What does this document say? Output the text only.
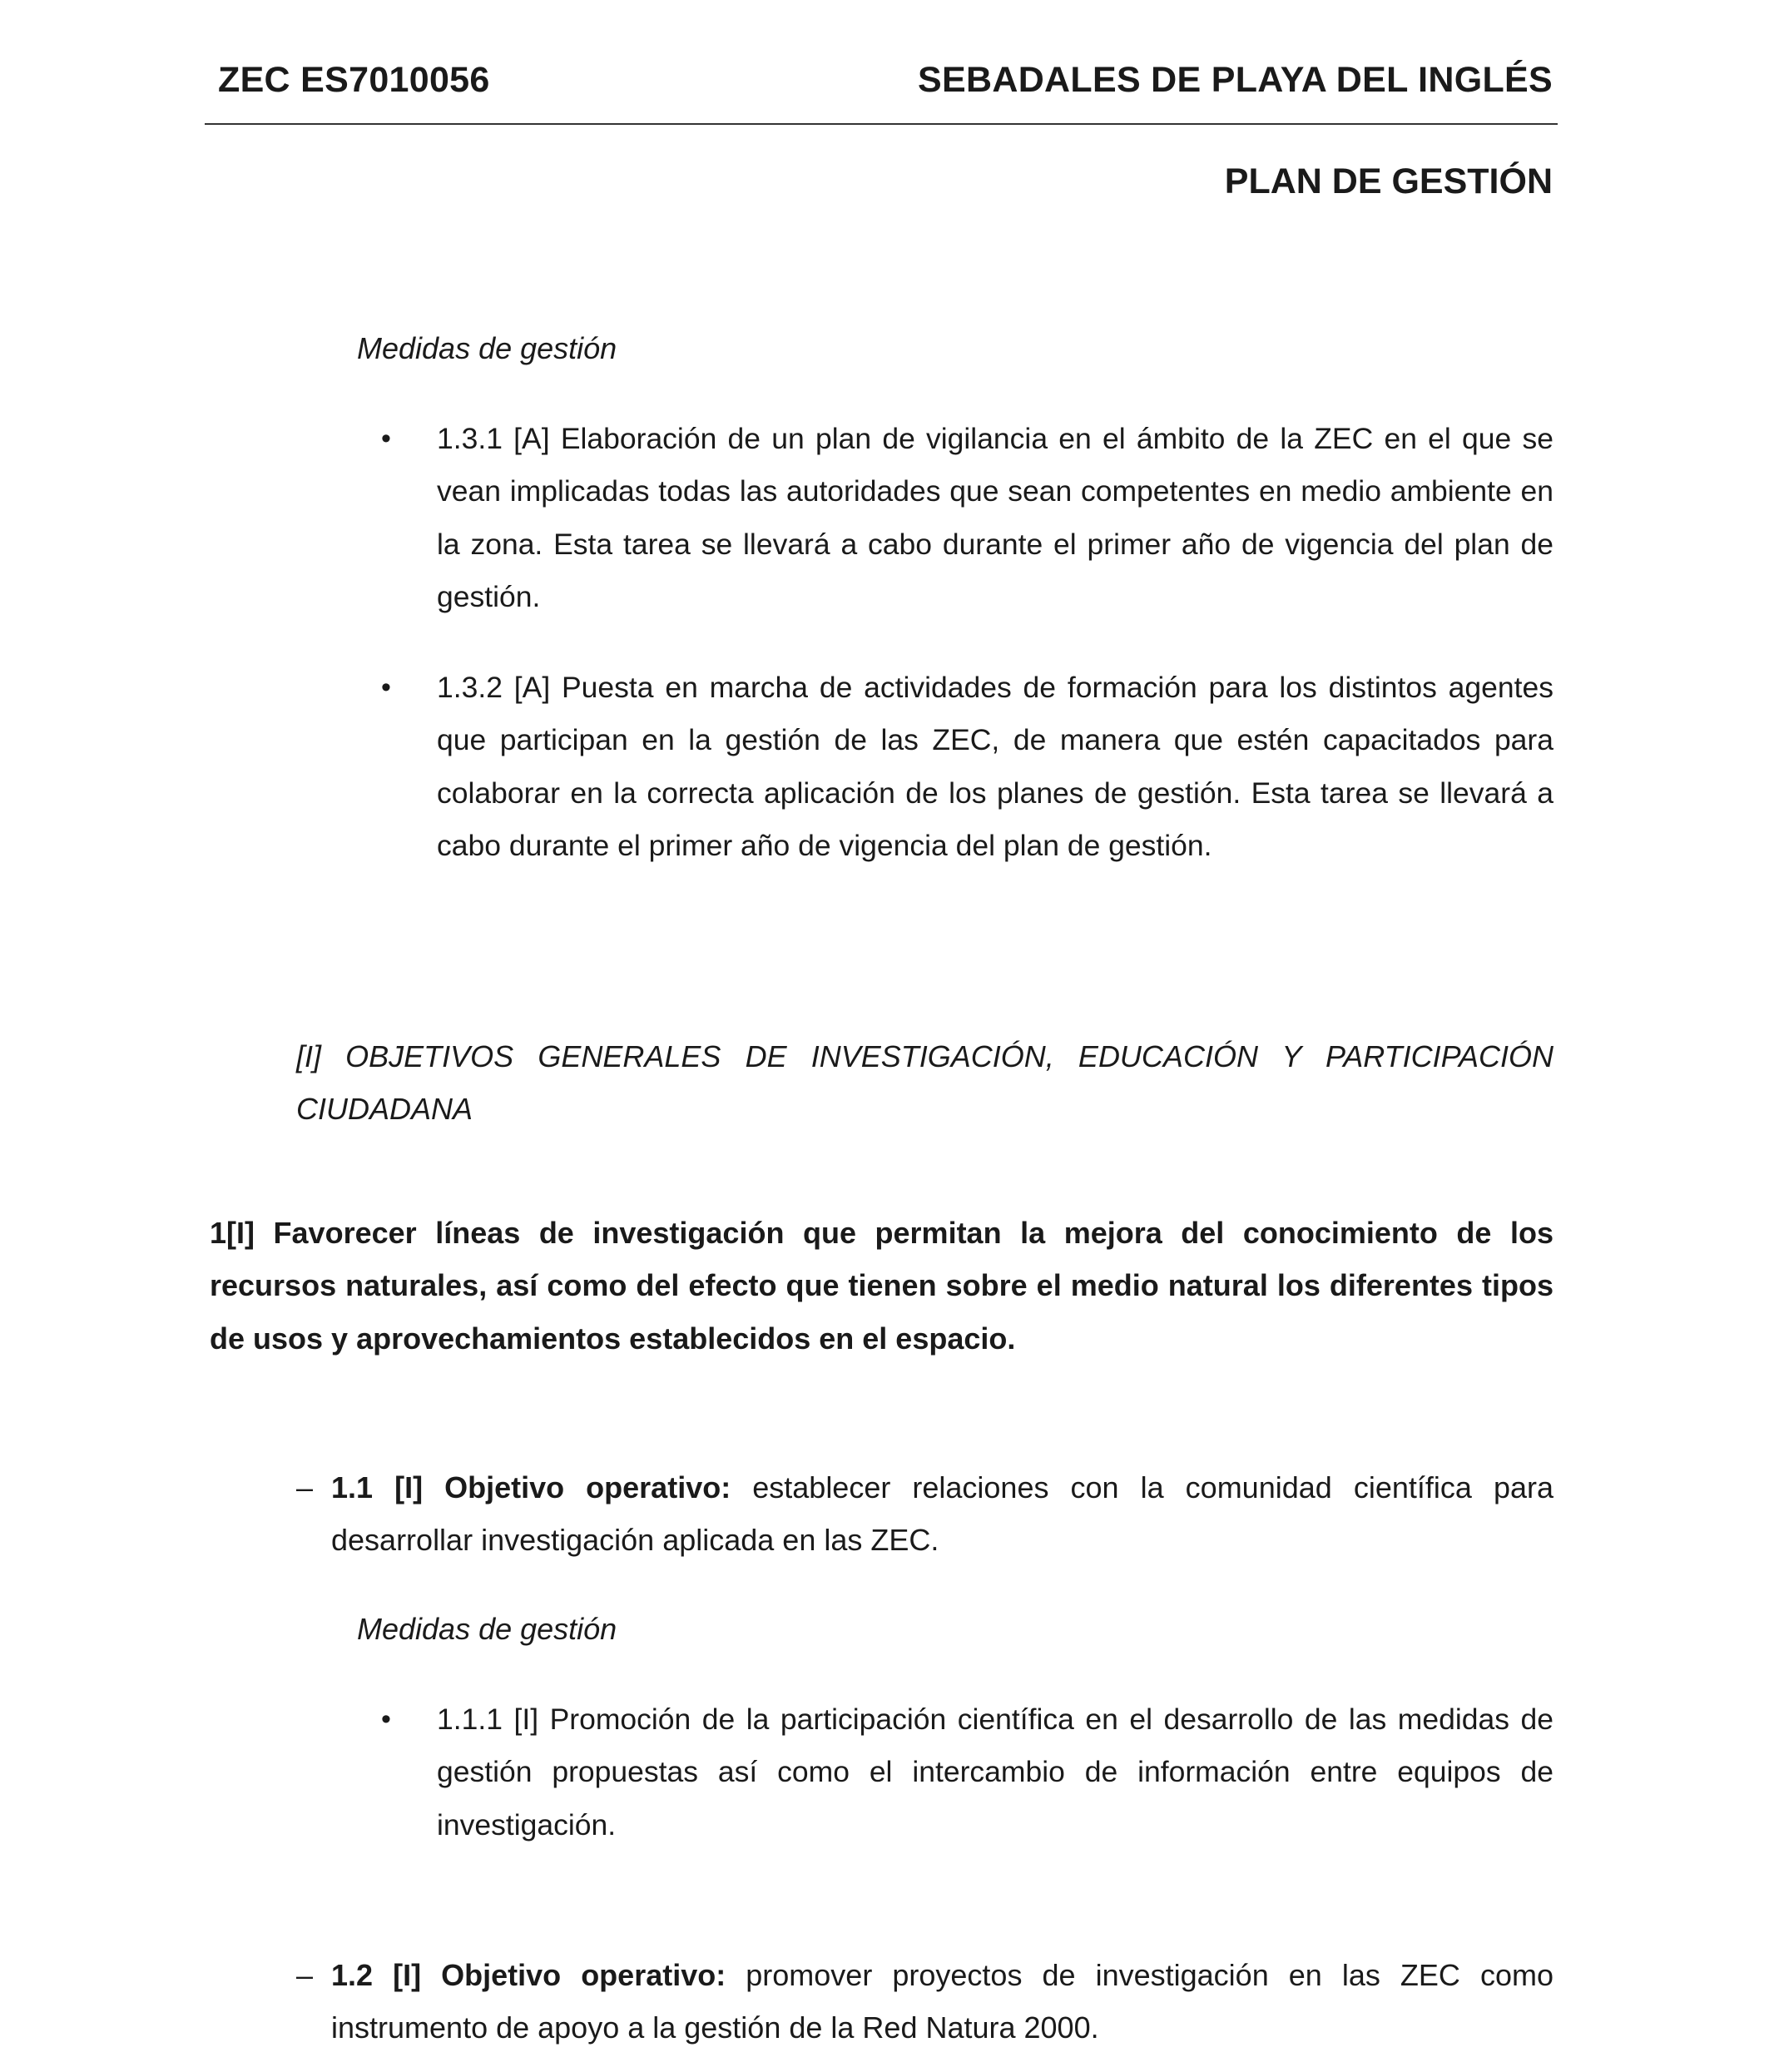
ZEC ES7010056	SEBADALES DE PLAYA DEL INGLÉS
PLAN DE GESTIÓN
Medidas de gestión
• 1.3.1 [A] Elaboración de un plan de vigilancia en el ámbito de la ZEC en el que se vean implicadas todas las autoridades que sean competentes en medio ambiente en la zona. Esta tarea se llevará a cabo durante el primer año de vigencia del plan de gestión.
• 1.3.2 [A] Puesta en marcha de actividades de formación para los distintos agentes que participan en la gestión de las ZEC, de manera que estén capacitados para colaborar en la correcta aplicación de los planes de gestión. Esta tarea se llevará a cabo durante el primer año de vigencia del plan de gestión.
[I] OBJETIVOS GENERALES DE INVESTIGACIÓN, EDUCACIÓN Y PARTICIPACIÓN
CIUDADANA
1[I] Favorecer líneas de investigación que permitan la mejora del conocimiento de los recursos naturales, así como del efecto que tienen sobre el medio natural los diferentes tipos de usos y aprovechamientos establecidos en el espacio.
– 1.1 [I] Objetivo operativo: establecer relaciones con la comunidad científica para desarrollar investigación aplicada en las ZEC.
Medidas de gestión
• 1.1.1 [I] Promoción de la participación científica en el desarrollo de las medidas de gestión propuestas así como el intercambio de información entre equipos de investigación.
– 1.2 [I] Objetivo operativo: promover proyectos de investigación en las ZEC como instrumento de apoyo a la gestión de la Red Natura 2000.
